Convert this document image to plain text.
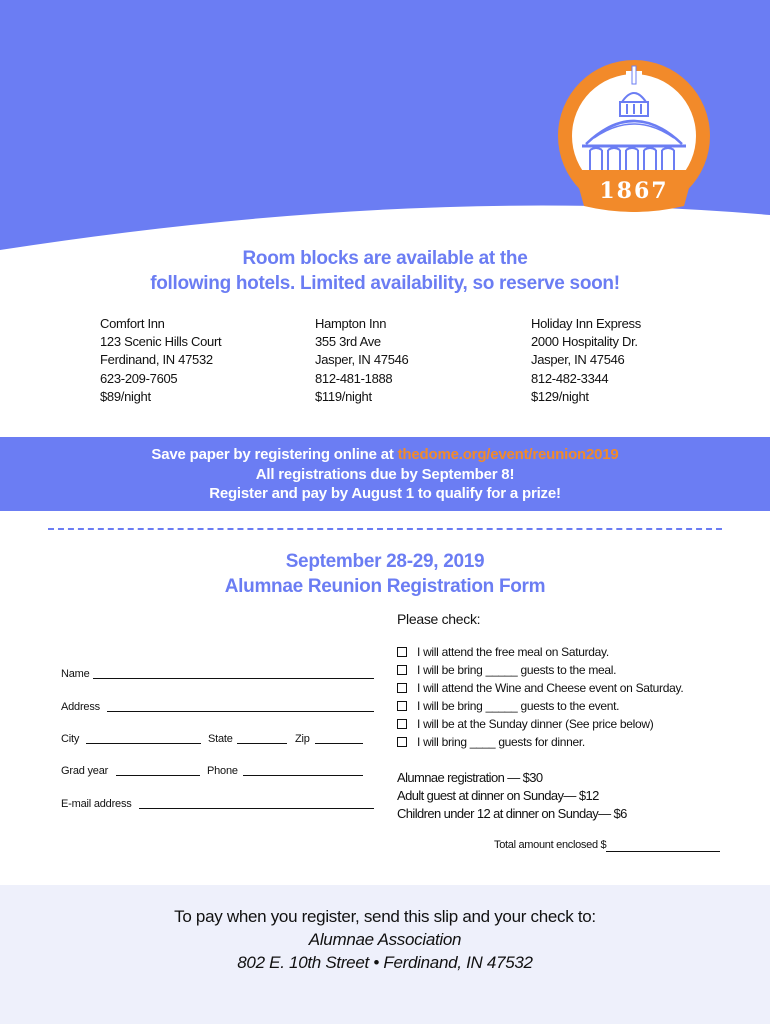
1867
Room blocks are available at the
following hotels. Limited availability, so reserve soon!
Comfort Inn
123 Scenic Hills Court
Ferdinand, IN 47532
623-209-7605
$89/night
Hampton Inn
355 3rd Ave
Jasper, IN 47546
812-481-1888
$119/night
Holiday Inn Express
2000 Hospitality Dr.
Jasper, IN 47546
812-482-3344
$129/night
Save paper by registering online at thedome.org/event/reunion2019
All registrations due by September 8!
Register and pay by August 1 to qualify for a prize!
September 28-29, 2019
Alumnae Reunion Registration Form
Please check:
Name
Address
City	State	Zip
Grad year	Phone
E-mail address
I will attend the free meal on Saturday.
I will be bring _____ guests to the meal.
I will attend the Wine and Cheese event on Saturday.
I will be bring _____ guests to the event.
I will be at the Sunday dinner (See price below)
I will bring ____ guests for dinner.
Alumnae registration — $30
Adult guest at dinner on Sunday— $12
Children under 12 at dinner on Sunday— $6
Total amount enclosed $
To pay when you register, send this slip and your check to:
Alumnae Association
802 E. 10th Street • Ferdinand, IN 47532
